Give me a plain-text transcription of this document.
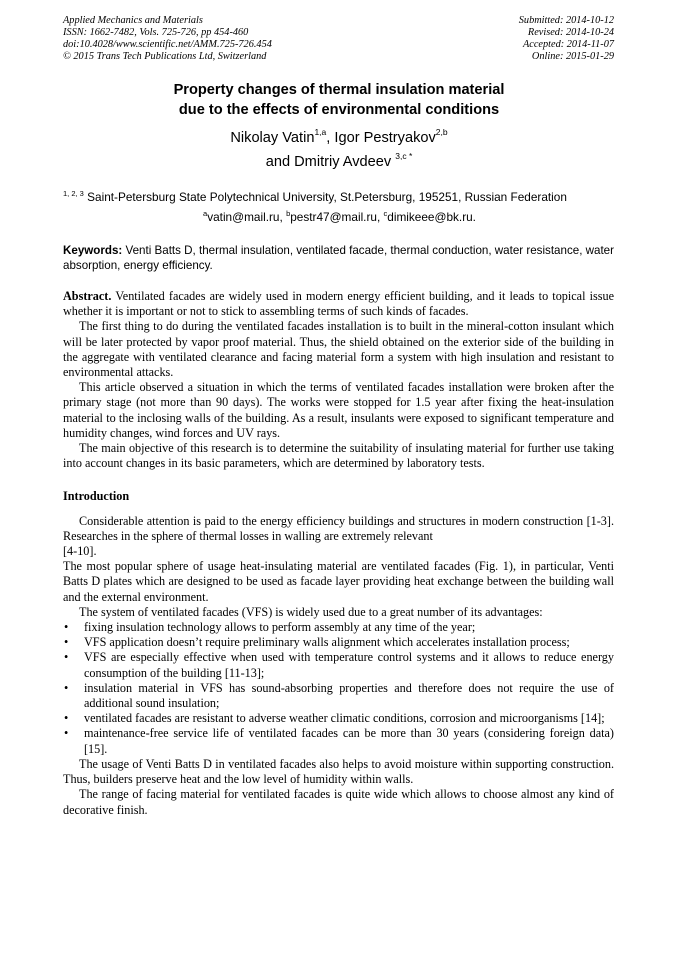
Applied Mechanics and Materials
ISSN: 1662-7482, Vols. 725-726, pp 454-460
doi:10.4028/www.scientific.net/AMM.725-726.454
© 2015 Trans Tech Publications Ltd, Switzerland
Submitted: 2014-10-12
Revised: 2014-10-24
Accepted: 2014-11-07
Online: 2015-01-29
Property changes of thermal insulation material
due to the effects of environmental conditions
Nikolay Vatin$^{1,a}$, Igor Pestryakov$^{2,b}$
and Dmitriy Avdeev $^{3,c *}$
$^{1, 2, 3}$ Saint-Petersburg State Polytechnical University, St.Petersburg, 195251, Russian Federation
$^a$vatin@mail.ru, $^b$pestr47@mail.ru, $^c$dimikeee@bk.ru.
Keywords: Venti Batts D, thermal insulation, ventilated facade, thermal conduction, water resistance, water absorption, energy efficiency.

Abstract. Ventilated facades are widely used in modern energy efficient building, and it leads to topical issue whether it is important or not to stick to assembling terms of such kinds of facades.

The first thing to do during the ventilated facades installation is to built in the mineral-cotton insulant which will be later protected by vapor proof material. Thus, the shield obtained on the exterior side of the building in the aggregate with ventilated clearance and facing material form a system with high insulation and resistant to environmental attacks.

This article observed a situation in which the terms of ventilated facades installation were broken after the primary stage (not more than 90 days). The works were stopped for 1.5 year after fixing the heat-insulation material to the inclosing walls of the building. As a result, insulants were exposed to significant temperature and humidity changes, wind forces and UV rays.

The main objective of this research is to determine the suitability of insulating material for further use taking into account changes in its basic parameters, which are determined by laboratory tests.

Introduction

Considerable attention is paid to the energy efficiency buildings and structures in modern construction [1-3]. Researches in the sphere of thermal losses in walling are extremely relevant

[4-10].

The most popular sphere of usage heat-insulating material are ventilated facades (Fig. 1), in particular, Venti Batts D plates which are designed to be used as facade layer providing heat exchange between the building wall and the external environment.

The system of ventilated facades (VFS) is widely used due to a great number of its advantages:

• fixing insulation technology allows to perform assembly at any time of the year;
• VFS application doesn’t require preliminary walls alignment which accelerates installation process;
• VFS are especially effective when used with temperature control systems and it allows to reduce energy consumption of the building [11-13];
• insulation material in VFS has sound-absorbing properties and therefore does not require the use of additional sound insulation;
• ventilated facades are resistant to adverse weather climatic conditions, corrosion and microorganisms [14];
• maintenance-free service life of ventilated facades can be more than 30 years (considering foreign data) [15].

The usage of Venti Batts D in ventilated facades also helps to avoid moisture within supporting construction. Thus, builders preserve heat and the low level of humidity within walls.

The range of facing material for ventilated facades is quite wide which allows to choose almost any kind of decorative finish.
